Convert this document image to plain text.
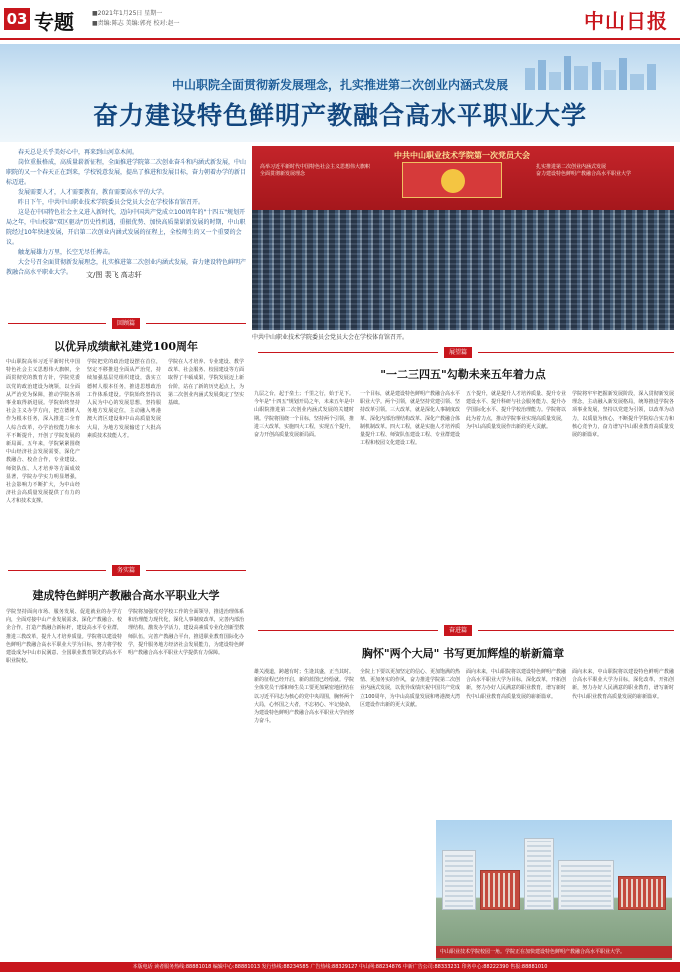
03 专题	■2021年1月25日 星期一
■责编:陈志 美编:郭亮 校对:赵一	中山日报
中山职院全面贯彻新发展理念，扎实推进第二次创业内涵式发展
奋力建设特色鲜明产教融合高水平职业大学

春天总是关乎美好心中，再来到山河草木间。

岗位重报格成，高质量崭新征程，全面推进学院第二次创业奋斗和内涵式新发展，中山职院的又一个春天正在到来，学校锐意发展，提出了推进和发展目标，奋力朝着办学的新目标迈进。

发展需要人才，人才需要教育，教育需要高水平的大学。

昨日下午，中共中山职业技术学院委员会党员大会在学校体育馆召开。

这是在中国特色社会主义进入新时代，迈向中国共产党成立100周年的"十四五"规划开局之年，中山校第"双区驱动"历史性机遇，重振优势、加快高质量崭新发展的时期，中山职院经过10年快速发展，开启第二次创业内涵式发展的征程上，全校师生的又一个重要的会议。

触龙展雄力万里，长空无尽任搏击。

大会号召全面贯彻新发展理念，扎实推进第二次创业内涵式发展，奋力建设特色鲜明产教融合高水平职业大学。	文/图 裴飞 高志轩
中共中山职业技术学院第一次党员大会
高举习近平新时代中国特色社会主义思想伟大旗帜
全面贯彻新发展理念
扎实推进第二次创业内涵式发展
奋力建设特色鲜明产教融合高水平职业大学
中共中山职业技术学院委员会党员大会在学校体育馆召开。
回顾篇
以优异成绩献礼建党100周年
中山职院高举习近平新时代中国特色社会主义思想伟大旗帜，全面贯彻党的教育方针，学院党委以党的政治建设为统领，以全面从严治党为保障，推动学院各项事业取得新进展。学院始终坚持社会主义办学方向，把立德树人作为根本任务，深入推进三全育人综合改革，办学治校能力和水平不断提升，开创了学院发展的新局面。五年来，学院紧紧围绕中山经济社会发展需要，深化产教融合、校企合作，专业建设、师资队伍、人才培养等方面成效显著，学院办学实力明显增强，社会影响力不断扩大，为中山经济社会高质量发展提供了有力的人才和技术支撑。
学院把党的政治建设摆在首位，坚定不移推进全面从严治党，持续加强基层党组织建设，落实立德树人根本任务，推进思想政治工作体系建设。学院始终坚持以人民为中心的发展思想，坚持服务地方发展定位，主动融入粤港澳大湾区建设和中山高质量发展大局，为地方发展输送了大批高素质技术技能人才。
学院在人才培养、专业建设、教学改革、社会服务、校园建设等方面取得了丰硕成果，学院发展迈上新台阶，站在了新的历史起点上，为第二次创业内涵式发展奠定了坚实基础。
务实篇
建成特色鲜明产教融合高水平职业大学
学院坚持面向市场、服务发展、促进就业的办学方向，全面对接中山产业发展需求，深化产教融合、校企合作，打造产教融合新标杆，建设高水平专业群，推进三教改革，提升人才培养质量。学院将以建设特色鲜明产教融合高水平职业大学为目标，努力将学校建设成为中山市民满意、全国职业教育领先的高水平职业院校。
学院将加强党对学校工作的全面领导，推进治理体系和治理能力现代化，深化人事制度改革，完善内部治理结构，激发办学活力，建设高素质专业化创新型教师队伍，完善产教融合平台，推进职业教育国际化办学，提升服务地方经济社会发展能力，为建设特色鲜明产教融合高水平职业大学提供有力保障。
展望篇
"一二三四五"勾勒未来五年着力点
九层之台，起于垒土；千里之行，始于足下。今年是"十四五"规划开局之年，未来五年是中山职院推进第二次创业内涵式发展的关键时期。学院将围绕一个目标，坚持两个引领，推进三大改革，实施四大工程，实现五个提升，奋力开创高质量发展新局面。
一个目标，就是建设特色鲜明产教融合高水平职业大学。两个引领，就是坚持党建引领、坚持改革引领。三大改革，就是深化人事制度改革、深化内部治理结构改革、深化产教融合体制机制改革。四大工程，就是实施人才培养质量提升工程、师资队伍建设工程、专业群建设工程和校园文化建设工程。
五个提升，就是提升人才培养质量、提升专业建设水平、提升科研与社会服务能力、提升办学国际化水平、提升学校治理能力。学院将以此为着力点，推动学院事业实现高质量发展，为中山高质量发展作出新的更大贡献。
学院将牢牢把握新发展阶段，深入贯彻新发展理念，主动融入新发展格局，统筹推进学院各项事业发展，坚持以党建为引领，以改革为动力，以质量为核心，不断提升学院综合实力和核心竞争力，奋力谱写中山职业教育高质量发展的新篇章。
奋进篇
胸怀"两个大局" 书写更加辉煌的崭新篇章
雄关漫道，跨越有时；生逢其盛，正当其时。新的征程已经开启，新的蓝图已经绘就。学院全体党员干部和师生员工要更加紧密地团结在以习近平同志为核心的党中央周围，胸怀两个大局，心怀国之大者，不忘初心、牢记使命，为建设特色鲜明产教融合高水平职业大学而努力奋斗。
全院上下要以更加坚定的信心、更加饱满的热情、更加务实的作风，奋力推进学院第二次创业内涵式发展，以优异成绩庆祝中国共产党成立100周年，为中山高质量发展和粤港澳大湾区建设作出新的更大贡献。
面向未来，中山职院将以建设特色鲜明产教融合高水平职业大学为目标，深化改革，开拓创新，努力办好人民满意的职业教育，谱写新时代中山职业教育高质量发展的崭新篇章。
面向未来，中山职院将以建设特色鲜明产教融合高水平职业大学为目标，深化改革，开拓创新，努力办好人民满意的职业教育，谱写新时代中山职业教育高质量发展的崭新篇章。
中山职业技术学院校园一角。学院正在加快建设特色鲜明产教融合高水平职业大学。
本版电话 读者服务热线:88881018 编辑中心:88881013 发行热线:88234585 广告热线:88329127 中山网:88234876 中新广告公司:88333231 印务中心:88222390 售报:88881010
